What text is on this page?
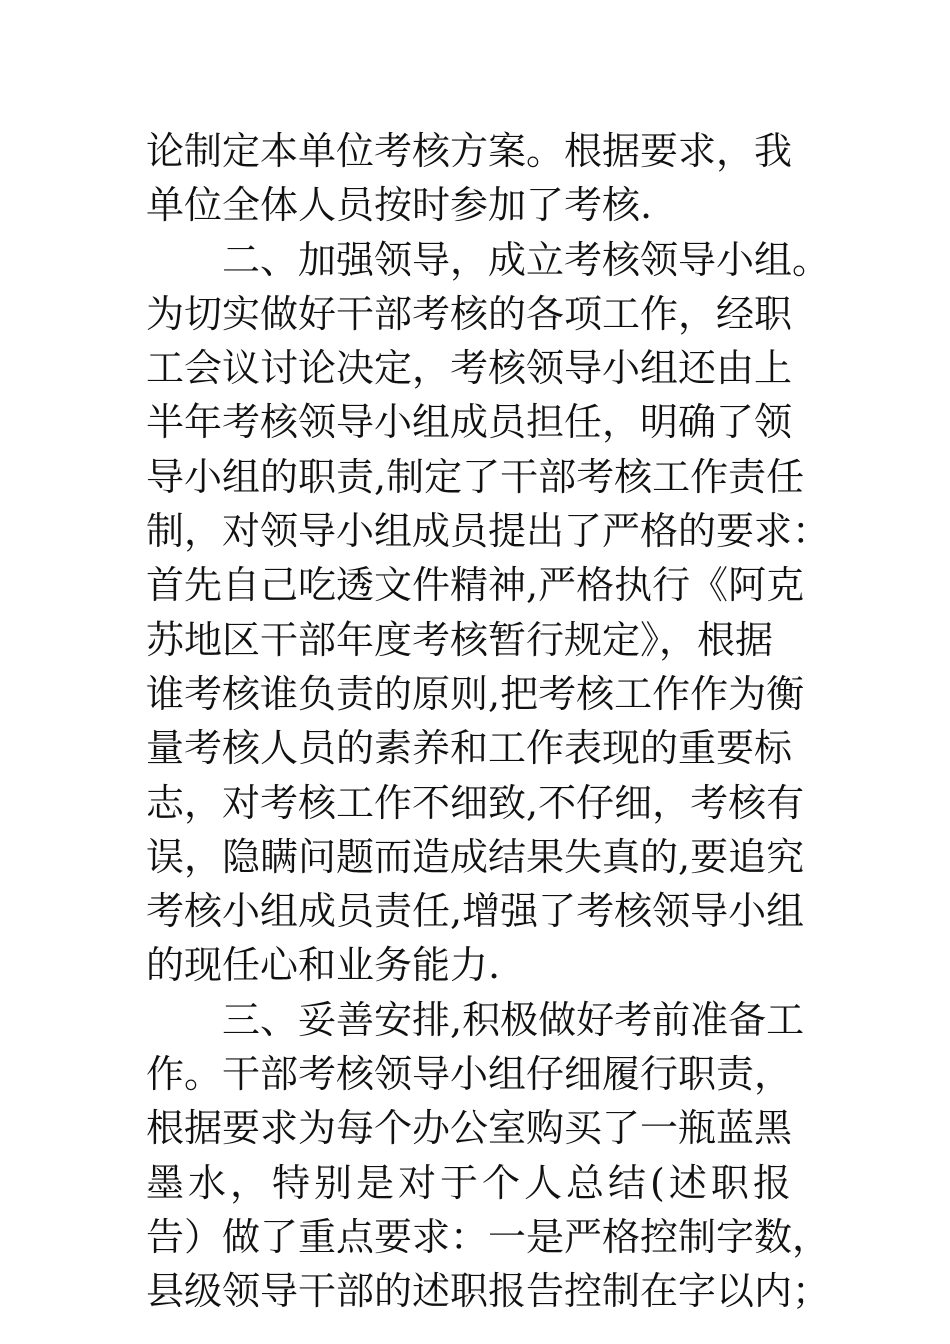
论制定本单位考核方案。根据要求，我
单位全体人员按时参加了考核.
二、加强领导，成立考核领导小组。
为切实做好干部考核的各项工作，经职
工会议讨论决定，考核领导小组还由上
半年考核领导小组成员担任，明确了领
导小组的职责,制定了干部考核工作责任
制，对领导小组成员提出了严格的要求：
首先自己吃透文件精神,严格执行《阿克
苏地区干部年度考核暂行规定》，根据
谁考核谁负责的原则,把考核工作作为衡
量考核人员的素养和工作表现的重要标
志，对考核工作不细致,不仔细，考核有
误，隐瞒问题而造成结果失真的,要追究
考核小组成员责任,增强了考核领导小组
的现任心和业务能力.
三、妥善安排,积极做好考前准备工
作。干部考核领导小组仔细履行职责，
根据要求为每个办公室购买了一瓶蓝黑
墨水，特别是对于个人总结(述职报
告）做了重点要求：一是严格控制字数，
县级领导干部的述职报告控制在字以内；
